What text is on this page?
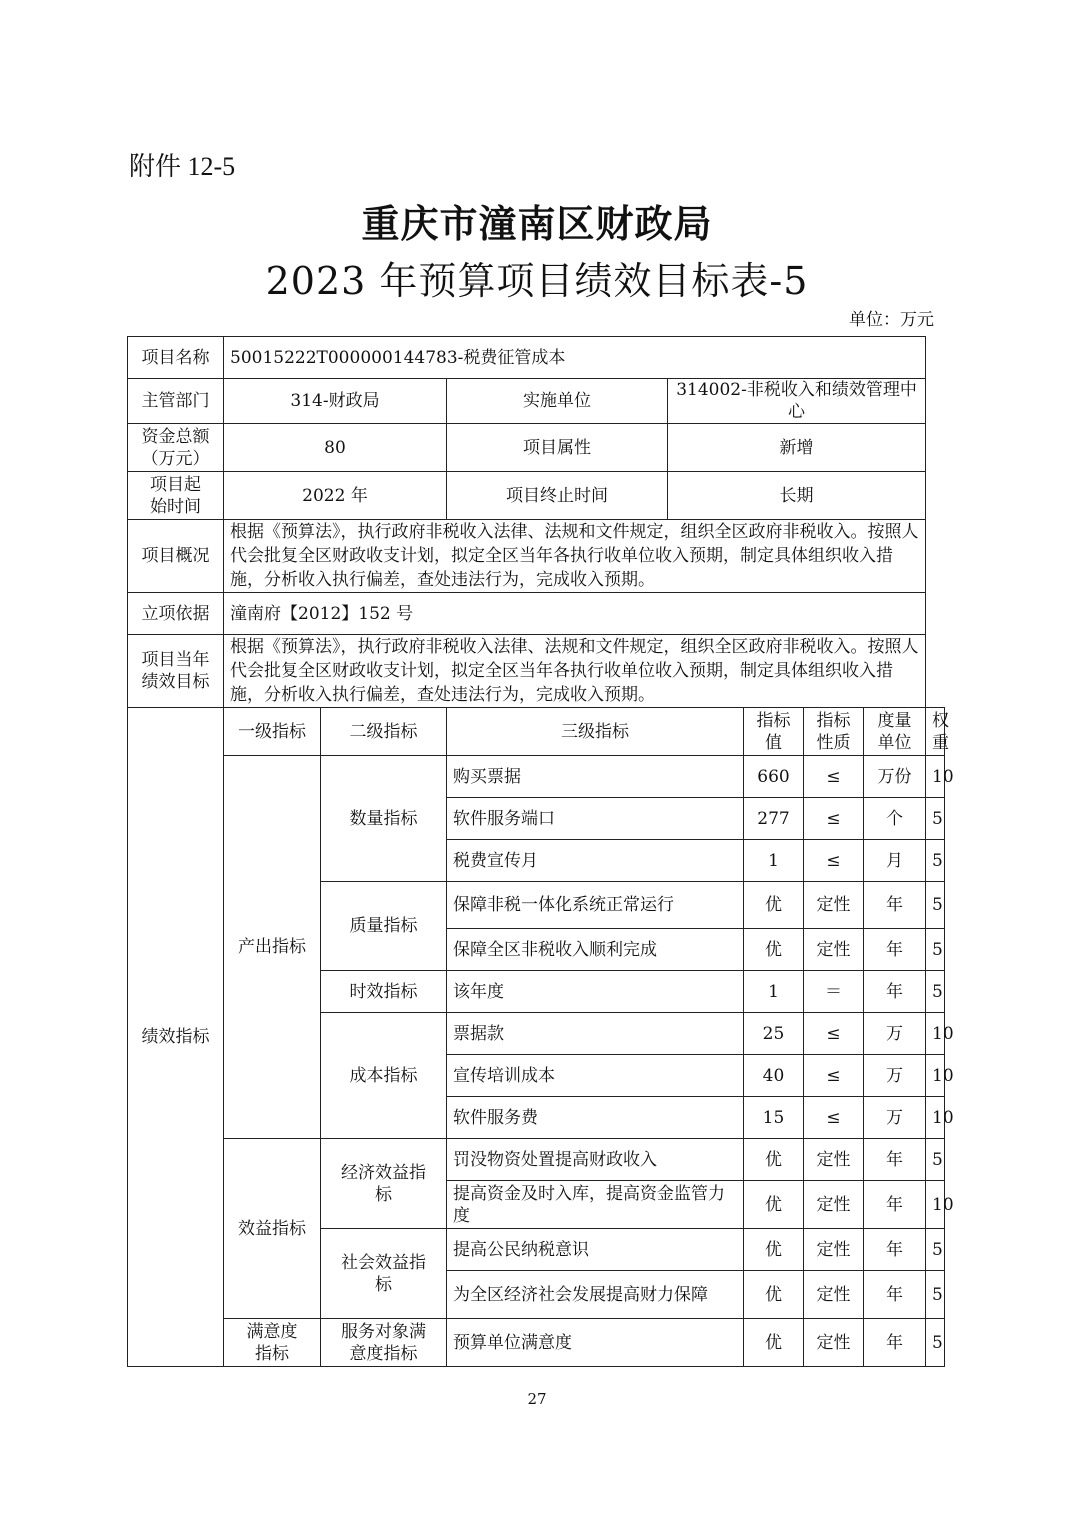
附件 12-5
重庆市潼南区财政局
2023 年预算项目绩效目标表-5
单位：万元
项目名称	50015222T000000144783-税费征管成本							
主管部门	314-财政局		实施单位	314002-非税收入和绩效管理中心				
资金总额（万元）	80		项目属性	新增				
项目起始时间	2022 年		项目终止时间	长期				
项目概况	根据《预算法》，执行政府非税收入法律、法规和文件规定，组织全区政府非税收入。按照人代会批复全区财政收支计划，拟定全区当年各执行收单位收入预期，制定具体组织收入措施，分析收入执行偏差，查处违法行为，完成收入预期。							
立项依据	潼南府【2012】152 号							
项目当年绩效目标	根据《预算法》，执行政府非税收入法律、法规和文件规定，组织全区政府非税收入。按照人代会批复全区财政收支计划，拟定全区当年各执行收单位收入预期，制定具体组织收入措施，分析收入执行偏差，查处违法行为，完成收入预期。							
绩效指标	一级指标	二级指标	三级指标		指标值	指标性质	度量单位	权重
	产出指标	数量指标	购买票据		660	≤	万份	10
			软件服务端口		277	≤	个	5
			税费宣传月		1	≤	月	5
		质量指标	保障非税一体化系统正常运行		优	定性	年	5
			保障全区非税收入顺利完成		优	定性	年	5
		时效指标	该年度		1	＝	年	5
		成本指标	票据款		25	≤	万	10
			宣传培训成本		40	≤	万	10
			软件服务费		15	≤	万	10
	效益指标	经济效益指标	罚没物资处置提高财政收入		优	定性	年	5
			提高资金及时入库，提高资金监管力度		优	定性	年	10
		社会效益指标	提高公民纳税意识		优	定性	年	5
			为全区经济社会发展提高财力保障		优	定性	年	5
	满意度指标	服务对象满意度指标	预算单位满意度		优	定性	年	5
27
